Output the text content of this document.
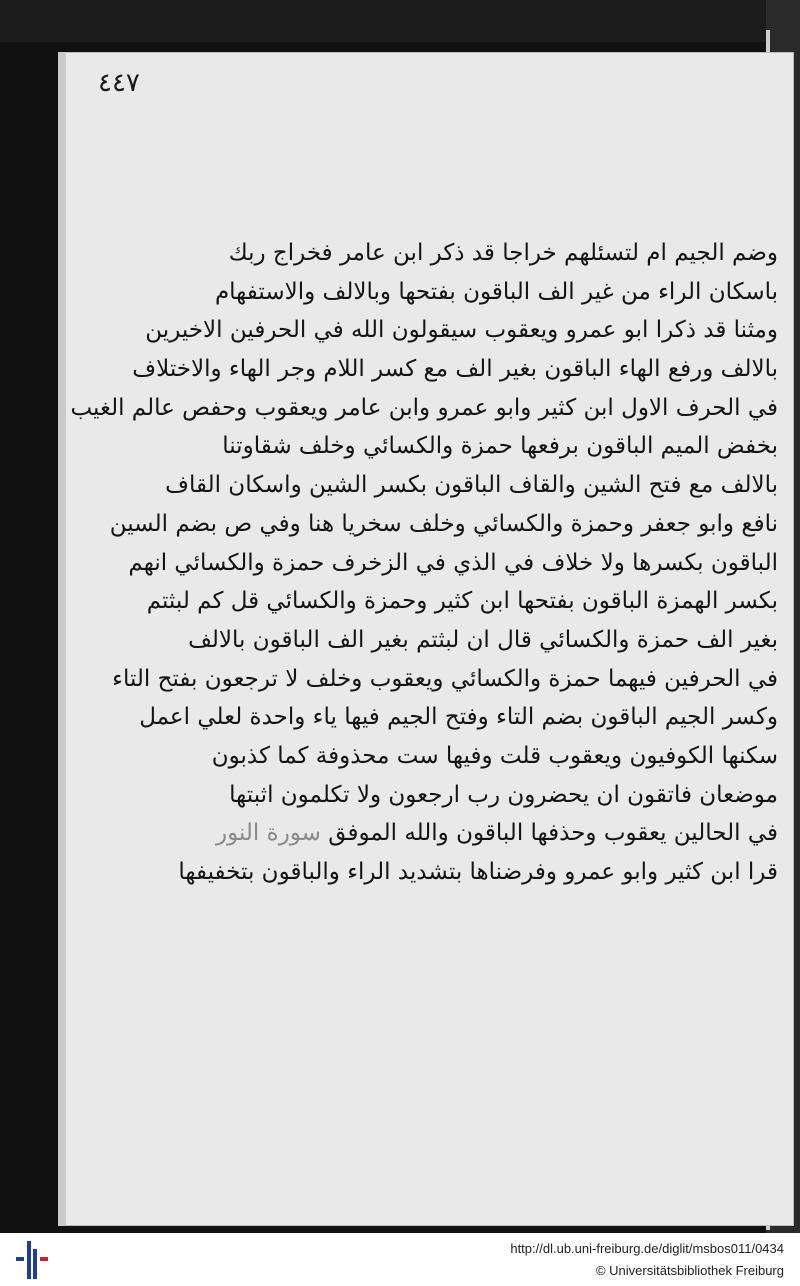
٤٤٧
وضم الجيم ام لتسئلهم خراجا قد ذكر ابن عامر فخراج ربك
باسكان الراء من غير الف الباقون بفتحها وبالالف والاستفهام
ومثنا قد ذكرا ابو عمرو ويعقوب سيقولون الله في الحرفين الاخيرين
بالالف ورفع الهاء الباقون بغير الف مع كسر اللام وجر الهاء والاختلاف
في الحرف الاول ابن كثير وابو عمرو وابن عامر ويعقوب وحفص عالم الغيب
بخفض الميم الباقون برفعها حمزة والكسائي وخلف شقاوتنا
بالالف مع فتح الشين والقاف الباقون بكسر الشين واسكان القاف
نافع وابو جعفر وحمزة والكسائي وخلف سخريا هنا وفي ص بضم السين
الباقون بكسرها ولا خلاف في الذي في الزخرف حمزة والكسائي انهم
بكسر الهمزة الباقون بفتحها ابن كثير وحمزة والكسائي قل كم لبثتم
بغير الف حمزة والكسائي قال ان لبثتم بغير الف الباقون بالالف
في الحرفين فيهما حمزة والكسائي ويعقوب وخلف لا ترجعون بفتح التاء
وكسر الجيم الباقون بضم التاء وفتح الجيم فيها ياء واحدة لعلي اعمل
سكنها الكوفيون ويعقوب قلت وفيها ست محذوفة كما كذبون
موضعان فاتقون ان يحضرون رب ارجعون ولا تكلمون اثبتها
في الحالين يعقوب وحذفها الباقون والله الموفق سورة النور
قرا ابن كثير وابو عمرو وفرضناها بتشديد الراء والباقون بتخفيفها
http://dl.ub.uni-freiburg.de/diglit/msbos011/0434
© Universitätsbibliothek Freiburg
